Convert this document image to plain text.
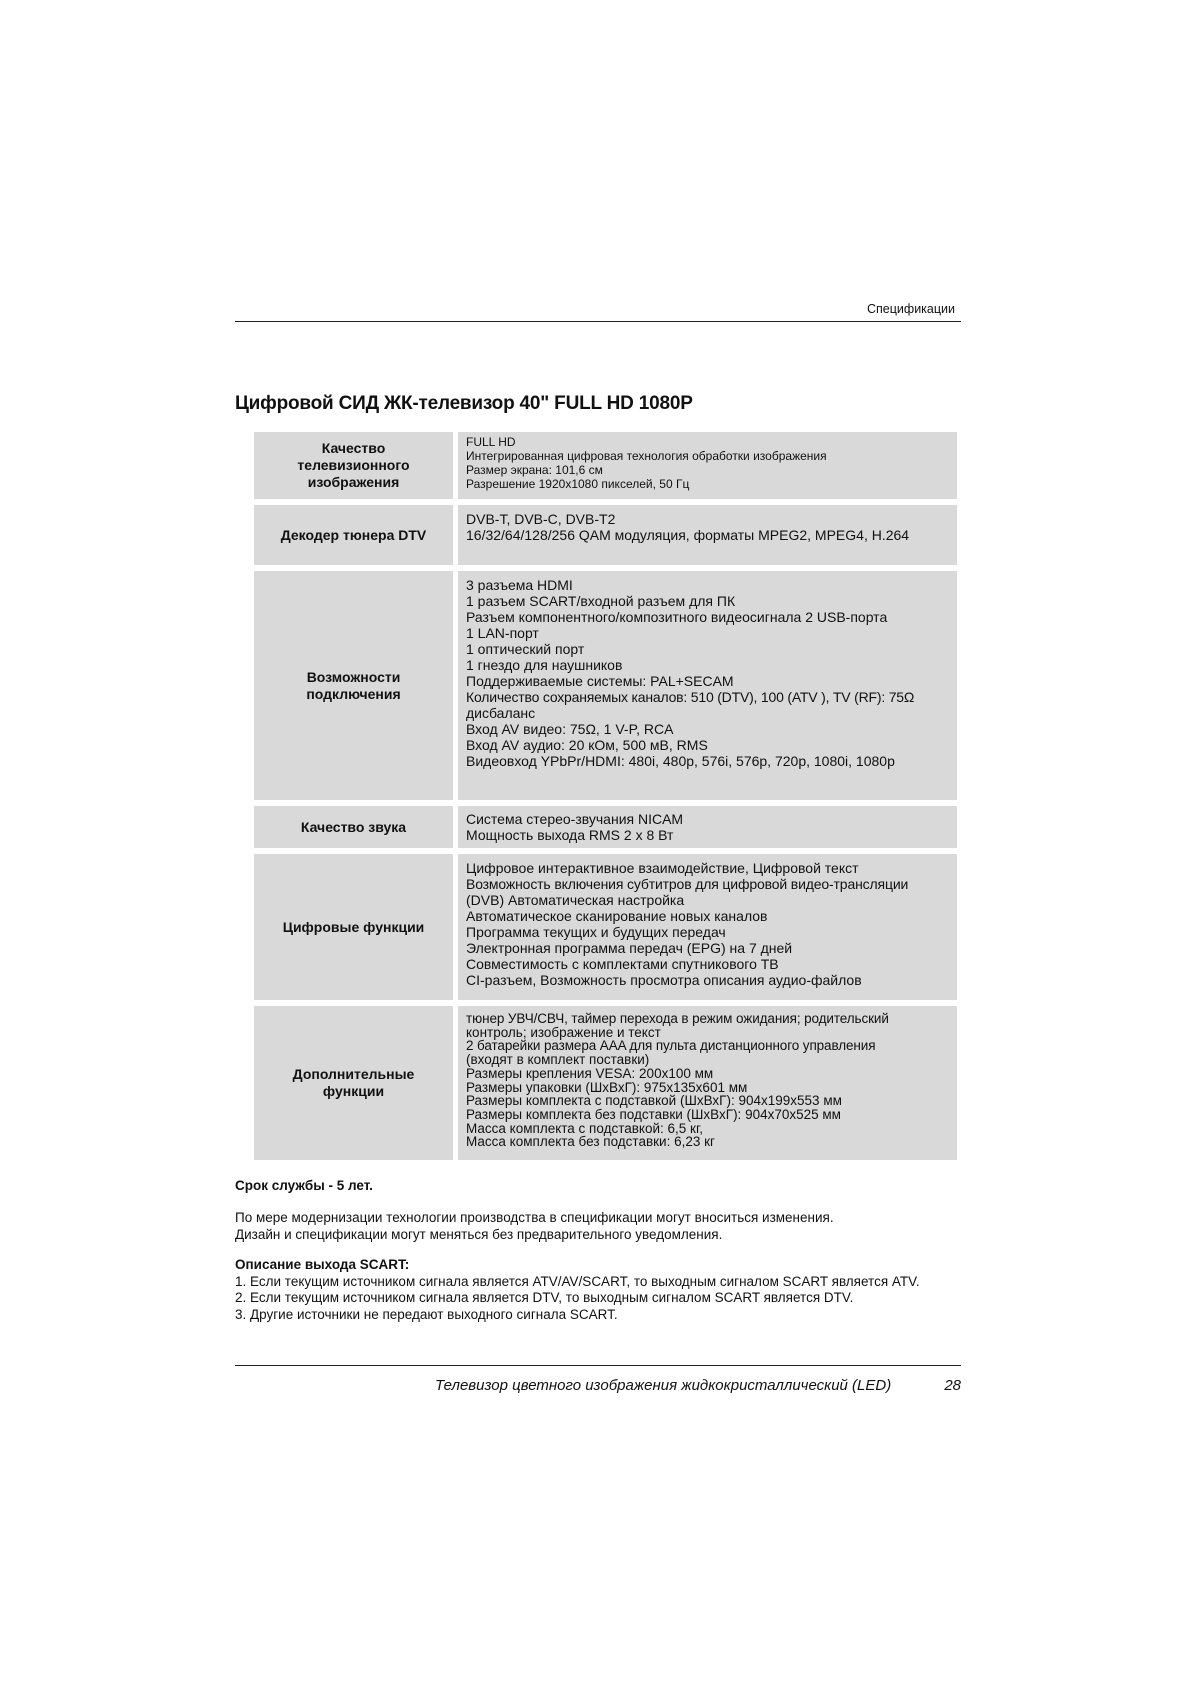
Спецификации
Цифровой СИД ЖК-телевизор 40" FULL HD 1080P
Качество телевизионного изображения
FULL HD
Интегрированная цифровая технология обработки изображения
Размер экрана: 101,6 см
Разрешение 1920х1080 пикселей, 50 Гц
Декодер тюнера DTV
DVB-T, DVB-C, DVB-T2
16/32/64/128/256 QAM модуляция, форматы MPEG2, MPEG4, H.264
Возможности подключения
3 разъема HDMI
1 разъем SCART/входной разъем для ПК
Разъем компонентного/композитного видеосигнала 2 USB-порта
1 LAN-порт
1 оптический порт
1 гнездо для наушников
Поддерживаемые системы: PAL+SECAM
Количество сохраняемых каналов: 510 (DTV), 100 (ATV ), TV (RF): 75Ω
дисбаланс
Вход AV видео: 75Ω, 1 V-P, RCA
Вход AV аудио: 20 кОм, 500 мВ, RMS
Видеовход YPbPr/HDMI: 480i, 480p, 576i, 576p, 720p, 1080i, 1080p
Качество звука	Система стерео-звучания NICAM
Мощность выхода RMS 2 х 8 Вт
Цифровые функции
Цифровое интерактивное взаимодействие, Цифровой текст
Возможность включения субтитров для цифровой видео-трансляции
(DVB) Автоматическая настройка
Автоматическое сканирование новых каналов
Программа текущих и будущих передач
Электронная программа передач (EPG) на 7 дней
Совместимость с комплектами спутникового ТВ
CI-разъем, Возможность просмотра описания аудио-файлов
Дополнительные функции
тюнер УВЧ/СВЧ, таймер перехода в режим ожидания; родительский
контроль; изображение и текст
2 батарейки размера AAA для пульта дистанционного управления
(входят в комплект поставки)
Размеры крепления VESA: 200х100 мм
Размеры упаковки (ШхВхГ): 975x135x601 мм
Размеры комплекта с подставкой (ШхВхГ): 904х199х553 мм
Размеры комплекта без подставки (ШхВхГ): 904х70х525 мм
Масса комплекта с подставкой: 6,5 кг,
Масса комплекта без подставки: 6,23 кг
Срок службы - 5 лет.
По мере модернизации технологии производства в спецификации могут вноситься изменения.
Дизайн и спецификации могут меняться без предварительного уведомления.
Описание выхода SCART:
1. Если текущим источником сигнала является ATV/AV/SCART, то выходным сигналом SCART является ATV.
2. Если текущим источником сигнала является DTV, то выходным сигналом SCART является DTV.
3. Другие источники не передают выходного сигнала SCART.
Телевизор цветного изображения жидкокристаллический (LED)	28
